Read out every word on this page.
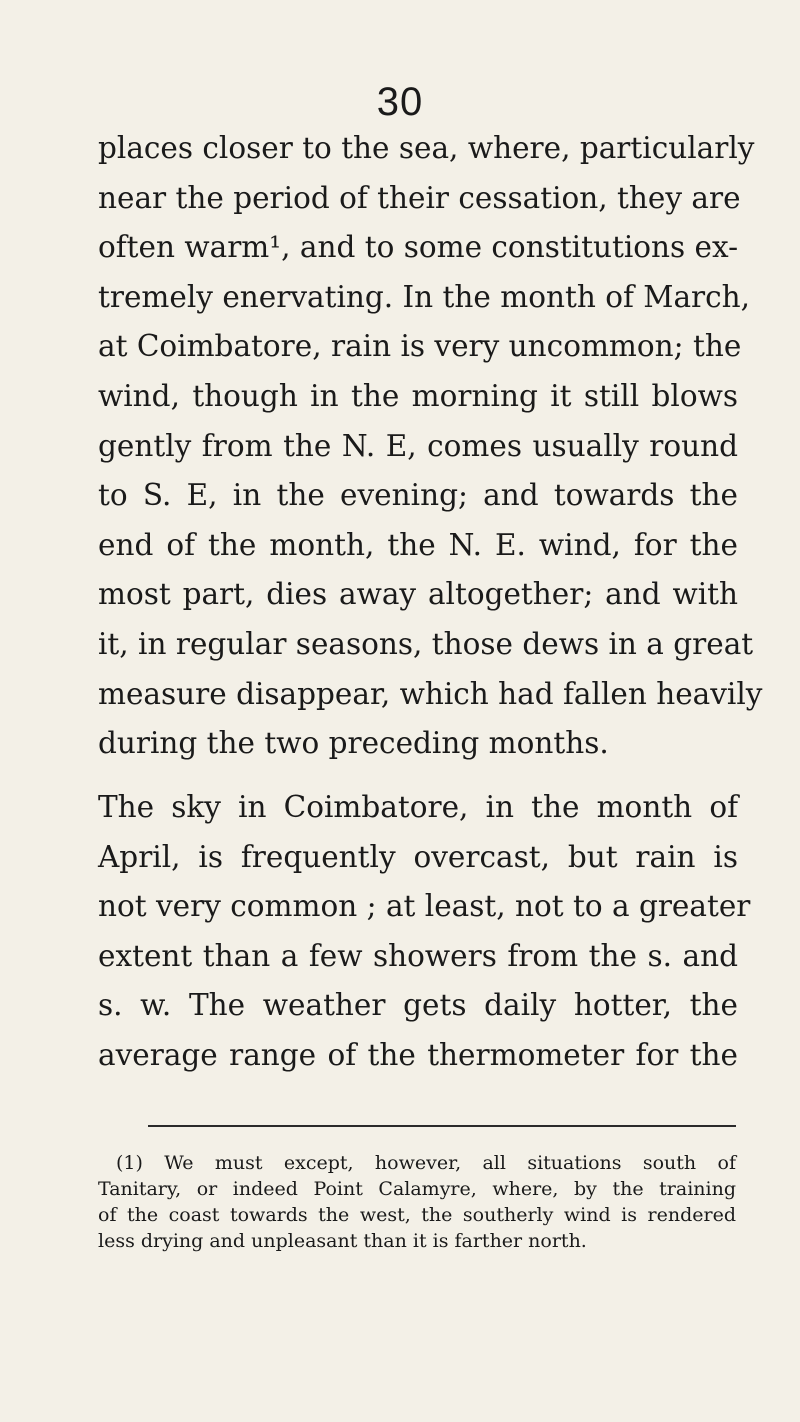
30
places closer to the sea, where, particularly
near the period of their cessation, they are
often warm¹, and to some constitutions ex-
tremely enervating. In the month of March,
at Coimbatore, rain is very uncommon; the
wind, though in the morning it still blows
gently from the N. E, comes usually round
to S. E, in the evening; and towards the
end of the month, the N. E. wind, for the
most part, dies away altogether; and with
it, in regular seasons, those dews in a great
measure disappear, which had fallen heavily
during the two preceding months.
The sky in Coimbatore, in the month of
April, is frequently overcast, but rain is
not very common ; at least, not to a greater
extent than a few showers from the s. and
s. w. The weather gets daily hotter, the
average range of the thermometer for the
(1) We must except, however, all situations south of
Tanitary, or indeed Point Calamyre, where, by the training
of the coast towards the west, the southerly wind is rendered
less drying and unpleasant than it is farther north.
